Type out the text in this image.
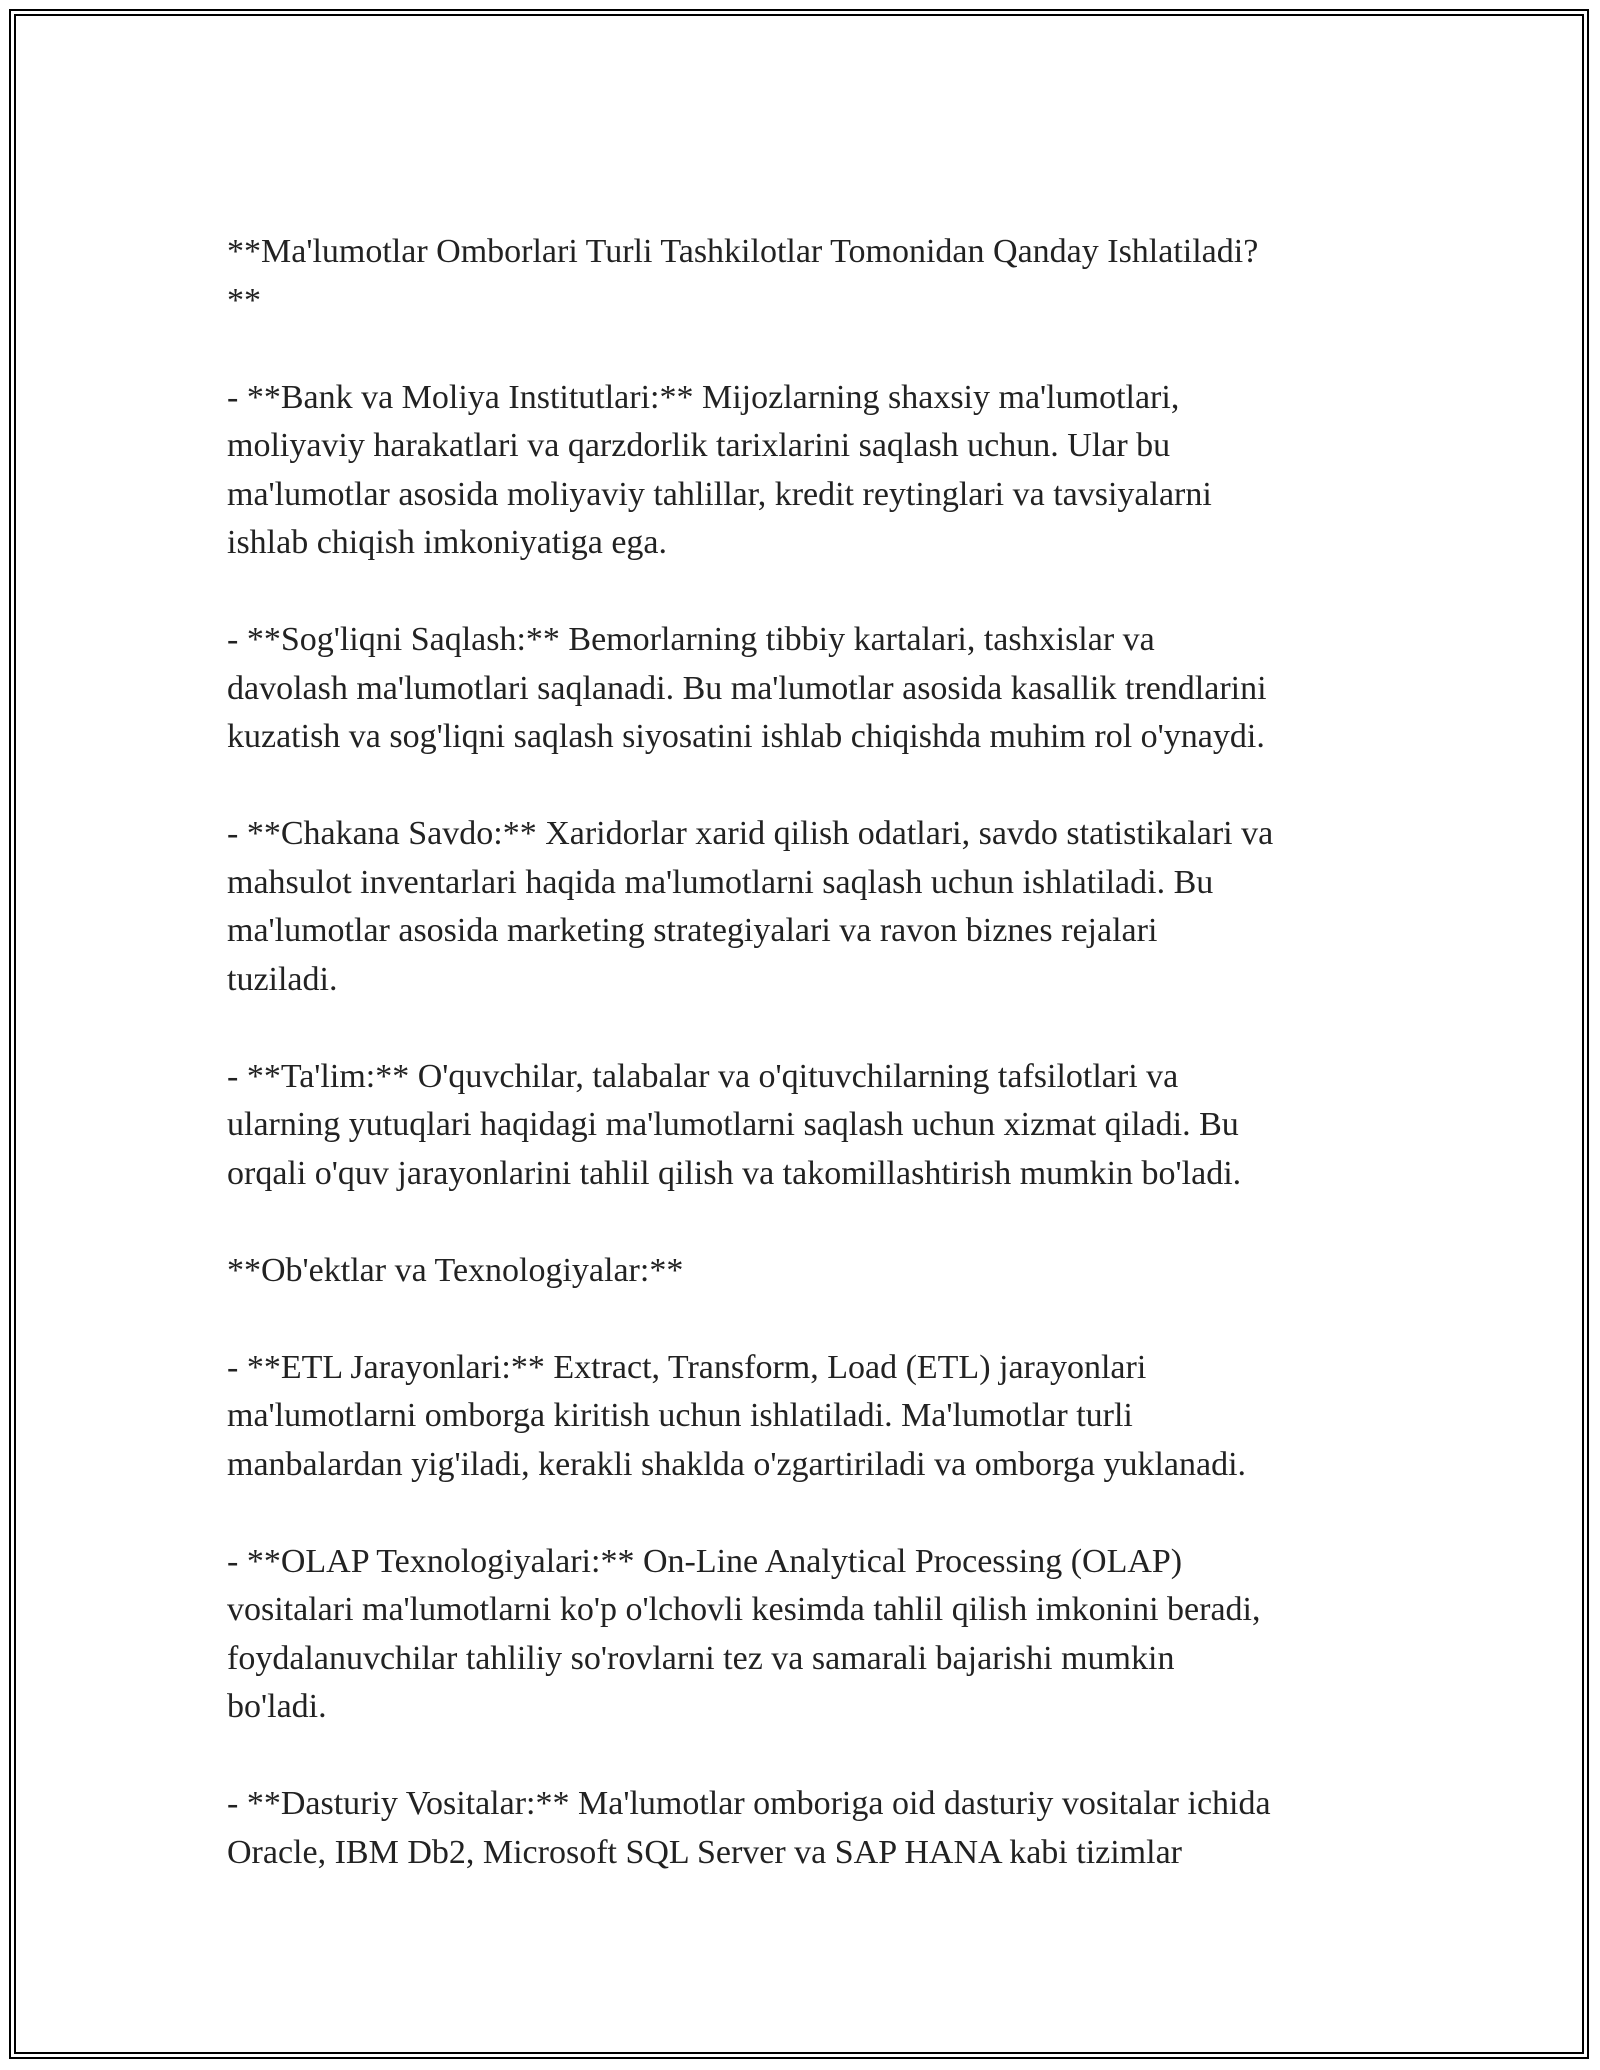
**Ma'lumotlar Omborlari Turli Tashkilotlar Tomonidan Qanday Ishlatiladi?
**

- **Bank va Moliya Institutlari:** Mijozlarning shaxsiy ma'lumotlari,
moliyaviy harakatlari va qarzdorlik tarixlarini saqlash uchun. Ular bu
ma'lumotlar asosida moliyaviy tahlillar, kredit reytinglari va tavsiyalarni
ishlab chiqish imkoniyatiga ega.

- **Sog'liqni Saqlash:** Bemorlarning tibbiy kartalari, tashxislar va
davolash ma'lumotlari saqlanadi. Bu ma'lumotlar asosida kasallik trendlarini
kuzatish va sog'liqni saqlash siyosatini ishlab chiqishda muhim rol o'ynaydi.

- **Chakana Savdo:** Xaridorlar xarid qilish odatlari, savdo statistikalari va
mahsulot inventarlari haqida ma'lumotlarni saqlash uchun ishlatiladi. Bu
ma'lumotlar asosida marketing strategiyalari va ravon biznes rejalari
tuziladi.

- **Ta'lim:** O'quvchilar, talabalar va o'qituvchilarning tafsilotlari va
ularning yutuqlari haqidagi ma'lumotlarni saqlash uchun xizmat qiladi. Bu
orqali o'quv jarayonlarini tahlil qilish va takomillashtirish mumkin bo'ladi.

**Ob'ektlar va Texnologiyalar:**

- **ETL Jarayonlari:** Extract, Transform, Load (ETL) jarayonlari
ma'lumotlarni omborga kiritish uchun ishlatiladi. Ma'lumotlar turli
manbalardan yig'iladi, kerakli shaklda o'zgartiriladi va omborga yuklanadi.

- **OLAP Texnologiyalari:** On-Line Analytical Processing (OLAP)
vositalari ma'lumotlarni ko'p o'lchovli kesimda tahlil qilish imkonini beradi,
foydalanuvchilar tahliliy so'rovlarni tez va samarali bajarishi mumkin
bo'ladi.

- **Dasturiy Vositalar:** Ma'lumotlar omboriga oid dasturiy vositalar ichida
Oracle, IBM Db2, Microsoft SQL Server va SAP HANA kabi tizimlar
